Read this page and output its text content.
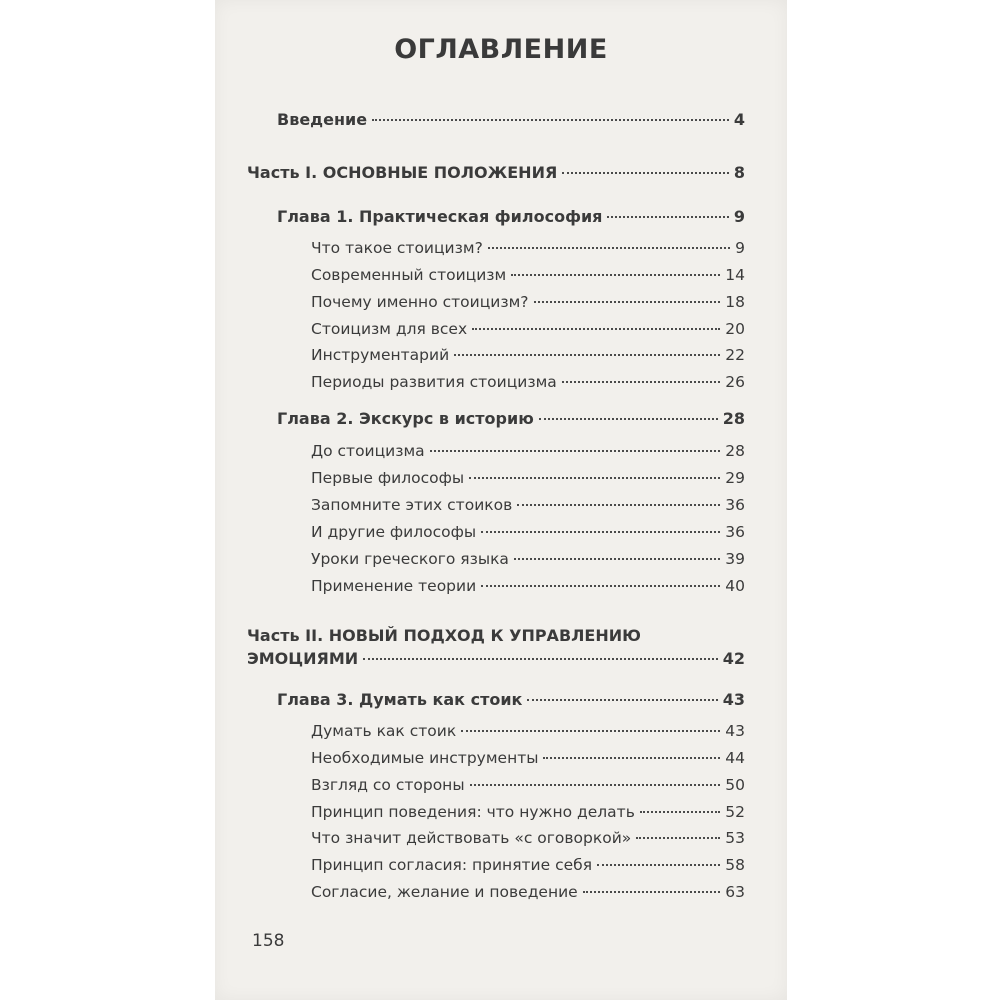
ОГЛАВЛЕНИЕ
Введение	4
Часть I. ОСНОВНЫЕ ПОЛОЖЕНИЯ	8
Глава 1. Практическая философия	9
Что такое стоицизм?	9
Современный стоицизм	14
Почему именно стоицизм?	18
Стоицизм для всех	20
Инструментарий	22
Периоды развития стоицизма	26
Глава 2. Экскурс в историю	28
До стоицизма	28
Первые философы	29
Запомните этих стоиков	36
И другие философы	36
Уроки греческого языка	39
Применение теории	40
Часть II. НОВЫЙ ПОДХОД К УПРАВЛЕНИЮ
ЭМОЦИЯМИ	42
Глава 3. Думать как стоик	43
Думать как стоик	43
Необходимые инструменты	44
Взгляд со стороны	50
Принцип поведения: что нужно делать	52
Что значит действовать «с оговоркой»	53
Принцип согласия: принятие себя	58
Согласие, желание и поведение	63
158
